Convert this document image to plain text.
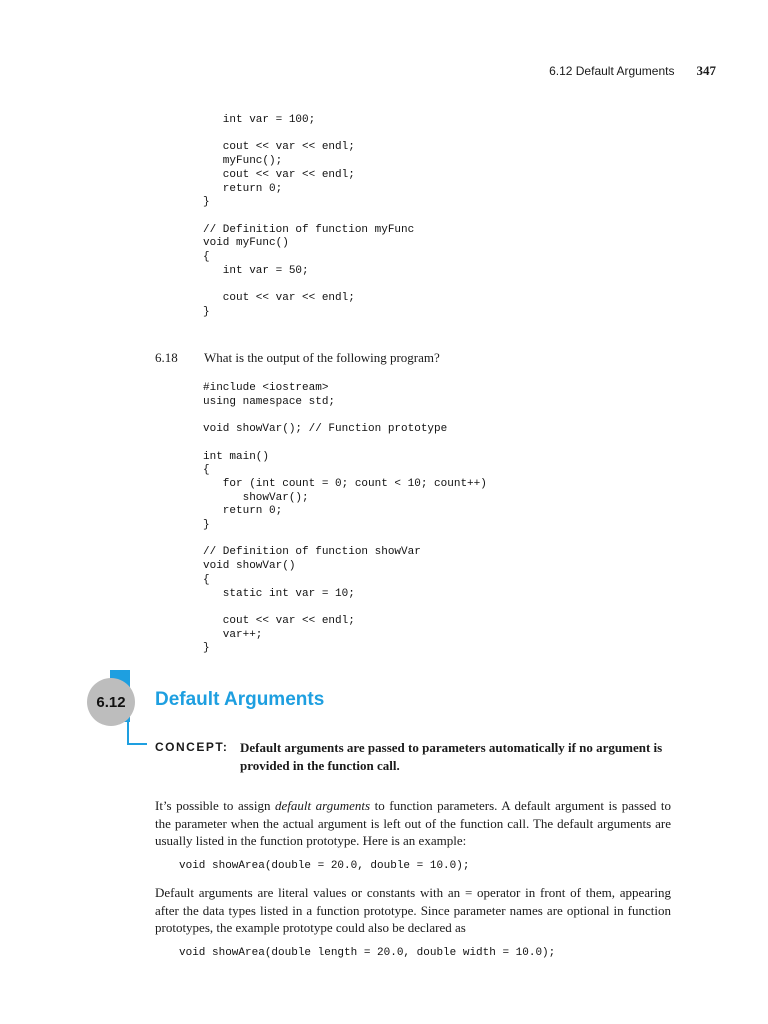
6.12 Default Arguments 347
int var = 100;

cout << var << endl;
myFunc();
cout << var << endl;
return 0;
}

// Definition of function myFunc
void myFunc()
{
int var = 50;

cout << var << endl;
}
6.18 What is the output of the following program?
#include <iostream>
using namespace std;

void showVar(); // Function prototype

int main()
{
for (int count = 0; count < 10; count++)
showVar();
return 0;
}

// Definition of function showVar
void showVar()
{
static int var = 10;

cout << var << endl;
var++;
}
6.12 Default Arguments
CONCEPT: Default arguments are passed to parameters automatically if no argument is provided in the function call.
It’s possible to assign default arguments to function parameters. A default argument is passed to the parameter when the actual argument is left out of the function call. The default arguments are usually listed in the function prototype. Here is an example:
void showArea(double = 20.0, double = 10.0);
Default arguments are literal values or constants with an = operator in front of them, appearing after the data types listed in a function prototype. Since parameter names are optional in function prototypes, the example prototype could also be declared as
void showArea(double length = 20.0, double width = 10.0);
